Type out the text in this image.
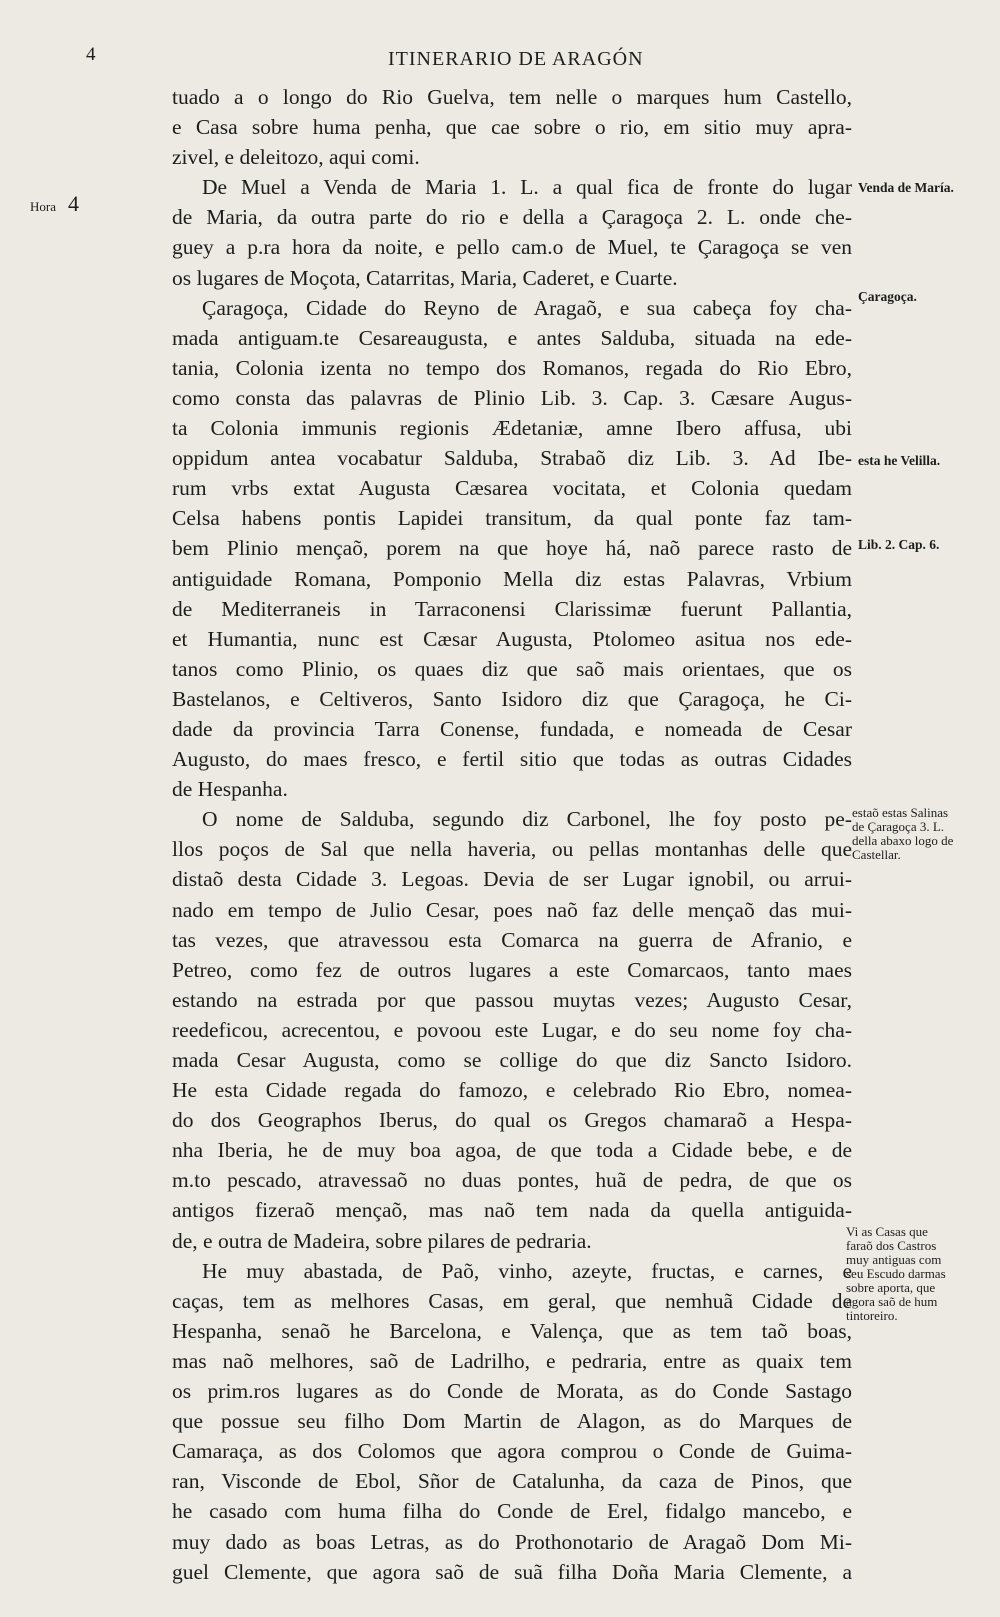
4	ITINERARIO DE ARAGÓN
Hora 4
tuado a o longo do Rio Guelva, tem nelle o marques hum Castello,
e Casa sobre huma penha, que cae sobre o rio, em sitio muy apra-
zivel, e deleitozo, aqui comi.
De Muel a Venda de Maria 1. L. a qual fica de fronte do lugar
de Maria, da outra parte do rio e della a Çaragoça 2. L. onde che-
guey a p.ra hora da noite, e pello cam.o de Muel, te Çaragoça se ven
os lugares de Moçota, Catarritas, Maria, Caderet, e Cuarte.
Çaragoça, Cidade do Reyno de Aragaõ, e sua cabeça foy cha-
mada antiguam.te Cesareaugusta, e antes Salduba, situada na ede-
tania, Colonia izenta no tempo dos Romanos, regada do Rio Ebro,
como consta das palavras de Plinio Lib. 3. Cap. 3. Cæsare Augus-
ta Colonia immunis regionis Ædetaniæ, amne Ibero affusa, ubi
oppidum antea vocabatur Salduba, Strabaõ diz Lib. 3. Ad Ibe-
rum vrbs extat Augusta Cæsarea vocitata, et Colonia quedam
Celsa habens pontis Lapidei transitum, da qual ponte faz tam-
bem Plinio mençaõ, porem na que hoye há, naõ parece rasto de
antiguidade Romana, Pomponio Mella diz estas Palavras, Vrbium
de Mediterraneis in Tarraconensi Clarissimæ fuerunt Pallantia,
et Humantia, nunc est Cæsar Augusta, Ptolomeo asitua nos ede-
tanos como Plinio, os quaes diz que saõ mais orientaes, que os
Bastelanos, e Celtiveros, Santo Isidoro diz que Çaragoça, he Ci-
dade da provincia Tarra Conense, fundada, e nomeada de Cesar
Augusto, do maes fresco, e fertil sitio que todas as outras Cidades
de Hespanha.
O nome de Salduba, segundo diz Carbonel, lhe foy posto pe-
llos poços de Sal que nella haveria, ou pellas montanhas delle que
distaõ desta Cidade 3. Legoas. Devia de ser Lugar ignobil, ou arrui-
nado em tempo de Julio Cesar, poes naõ faz delle mençaõ das mui-
tas vezes, que atravessou esta Comarca na guerra de Afranio, e
Petreo, como fez de outros lugares a este Comarcaos, tanto maes
estando na estrada por que passou muytas vezes; Augusto Cesar,
reedeficou, acrecentou, e povoou este Lugar, e do seu nome foy cha-
mada Cesar Augusta, como se collige do que diz Sancto Isidoro.
He esta Cidade regada do famozo, e celebrado Rio Ebro, nomea-
do dos Geographos Iberus, do qual os Gregos chamaraõ a Hespa-
nha Iberia, he de muy boa agoa, de que toda a Cidade bebe, e de
m.to pescado, atravessaõ no duas pontes, huã de pedra, de que os
antigos fizeraõ mençaõ, mas naõ tem nada da quella antiguida-
de, e outra de Madeira, sobre pilares de pedraria.
He muy abastada, de Paõ, vinho, azeyte, fructas, e carnes, e
caças, tem as melhores Casas, em geral, que nemhuã Cidade de
Hespanha, senaõ he Barcelona, e Valença, que as tem taõ boas,
mas naõ melhores, saõ de Ladrilho, e pedraria, entre as quaix tem
os prim.ros lugares as do Conde de Morata, as do Conde Sastago
que possue seu filho Dom Martin de Alagon, as do Marques de
Camaraça, as dos Colomos que agora comprou o Conde de Guima-
ran, Visconde de Ebol, Sñor de Catalunha, da caza de Pinos, que
he casado com huma filha do Conde de Erel, fidalgo mancebo, e
muy dado as boas Letras, as do Prothonotario de Aragaõ Dom Mi-
guel Clemente, que agora saõ de suã filha Doña Maria Clemente, a
Venda de María.
Çaragoça.
esta he Velilla.
Lib. 2. Cap. 6.
estaõ estas Salinas
de Çaragoça 3. L.
della abaxo logo de
Castellar.
Vi as Casas que
faraõ dos Castros
muy antiguas com
seu Escudo darmas
sobre aporta, que
agora saõ de hum
tintoreiro.
